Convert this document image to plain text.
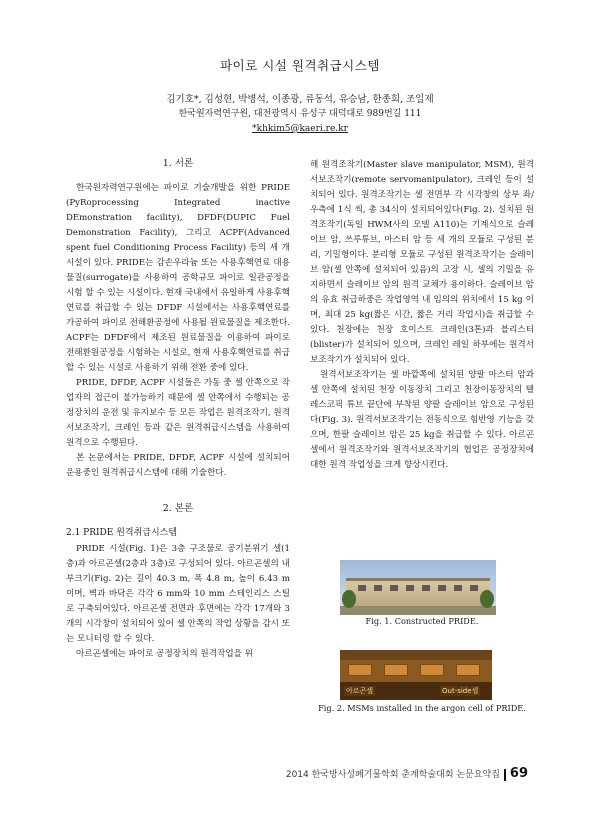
파이로 시설 원격취급시스템
김기호*, 김성현, 박병석, 이종광, 류동석, 유승남, 한종희, 조일제
한국원자력연구원, 대전광역시 유성구 대덕대로 989번길 111
*khkim5@kaeri.re.kr
1. 서론

한국원자력연구원에는 파이로 기술개발을 위한 PRIDE (PyRoprocessing Integrated inactive DEmonstration facility), DFDF(DUPIC Fuel Demonstration Facility), 그리고 ACPF(Advanced spent fuel Conditioning Process Facility) 등의 세 개 시설이 있다. PRIDE는 감손우라늄 또는 사용후핵연료 대용물질(surrogate)을 사용하여 공학규모 파이로 일관공정을 시험 할 수 있는 시설이다. 현재 국내에서 유일하게 사용후핵연료를 취급할 수 있는 DFDF 시설에서는 사용후핵연료를 가공하여 파이로 전해환공정에 사용될 원료물질을 제조한다. ACPF는 DFDF에서 제조된 원료물질을 이용하여 파이로 전해환원공정을 시험하는 시설로, 현재 사용후핵연료를 취급할 수 있는 시설로 사용하기 위해 전환 중에 있다.

PRIDE, DFDF, ACPF 시설들은 가동 중 셀 안쪽으로 작업자의 접근이 불가능하기 때문에 셀 안쪽에서 수행되는 공정장치의 운전 및 유지보수 등 모든 작업은 원격조작기, 원격서보조작기, 크레인 등과 같은 원격취급시스템을 사용하여 원격으로 수행된다.

본 논문에서는 PRIDE, DFDF, ACPF 시설에 설치되어 운용중인 원격취급시스템에 대해 기술한다.

2. 본론
2.1 PRIDE 원격취급시스템

PRIDE 시설(Fig. 1)은 3층 구조물로 공기분위기 셀(1층)과 아르곤셀(2층과 3층)로 구성되어 있다. 아르곤셀의 내부크기(Fig. 2)는 길이 40.3 m, 폭 4.8 m, 높이 6.43 m 이며, 벽과 바닥은 각각 6 mm와 10 mm 스테인리스 스틸로 구축되어있다. 아르곤셀 전면과 후면에는 각각 17개와 3개의 시각창이 설치되어 있어 셀 안쪽의 작업 상황을 감시 또는 모니터링 할 수 있다.

아르곤셀에는 파이로 공정장치의 원격작업을 위

해 원격조작기(Master slave manipulator, MSM), 원격서보조작기(remote servomanipulator), 크레인 등이 설치되어 있다. 원격조작기는 셀 전면부 각 시각창의 상부 좌/우측에 1식 씩, 총 34식이 설치되어있다(Fig. 2). 설치된 원격조작기(독일 HWM사의 모델 A110)는 기계식으로 슬레이브 암, 쓰루튜브, 마스터 암 등 세 개의 모듈로 구성된 분리, 기밀형이다. 분리형 모듈로 구성된 원격조작기는 슬레이브 암(셀 안쪽에 설치되어 있음)의 고장 시, 셀의 기밀을 유지하면서 슬레이브 암의 원격 교체가 용이하다. 슬레이브 암의 유효 취급하중은 작업영역 내 임의의 위치에서 15 kg 이며, 최대 25 kg(짧은 시간, 짧은 거리 작업시)을 취급할 수 있다. 천장에는 천장 호이스트 크레인(3톤)과 블리스터(blister)가 설치되어 있으며, 크레인 레일 하부에는 원격서보조작기가 설치되어 있다.

원격서보조작기는 셀 바깥쪽에 설치된 양팔 마스터 암과 셀 안쪽에 설치된 천장 이동장치 그리고 천장이동장치의 텔레스코픽 튜브 끝단에 부착된 양팔 슬레이브 암으로 구성된다(Fig. 3). 원격서보조작기는 전동식으로 힘반영 기능을 갖으며, 한팔 슬레이브 암은 25 kg을 취급할 수 있다. 아르곤셀에서 원격조작기와 원격서보조작기의 협업은 공정장치에 대한 원격 작업성을 크게 향상시킨다.

Fig. 1. Constructed PRIDE.
아르곤셀	Out-side셀
Fig. 2. MSMs installed in the argon cell of PRIDE.
2014 한국방사성폐기물학회 춘계학술대회 논문요약집 69
